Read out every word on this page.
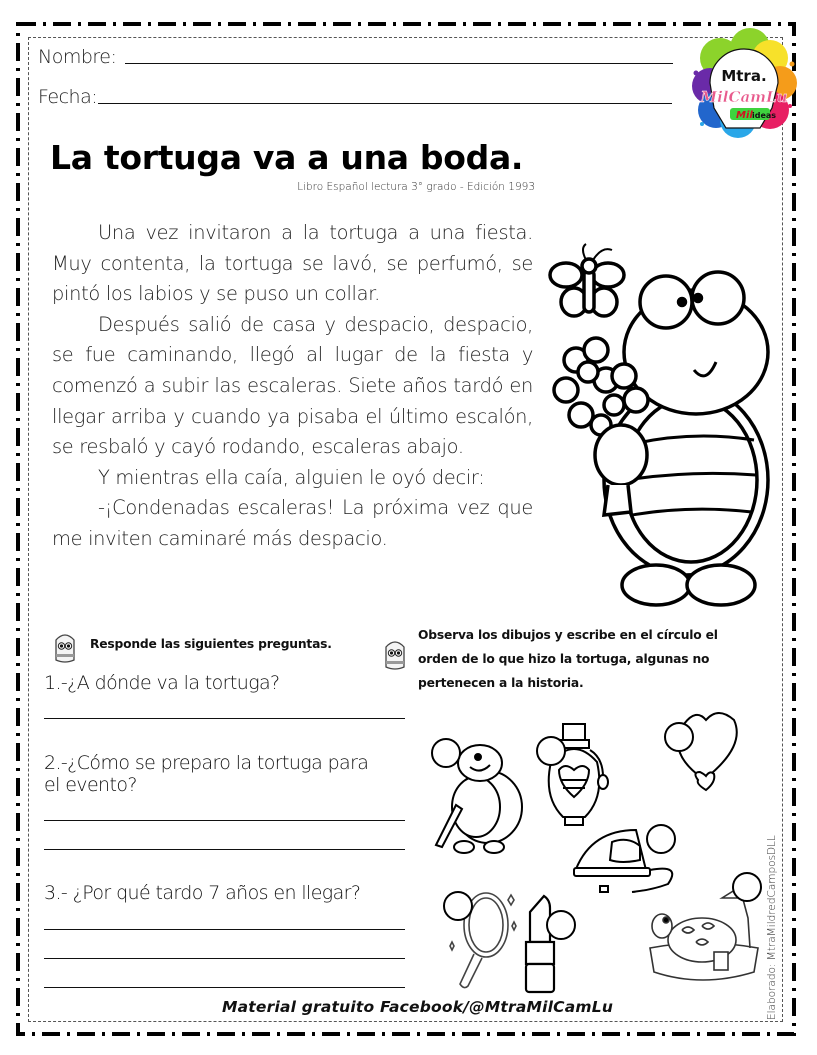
Nombre:
Fecha:
Mtra.
MilCamLu
Mil ideas
La tortuga va a una boda.
Libro Español lectura 3° grado - Edición 1993

Una vez invitaron a la tortuga a una fiesta. Muy contenta, la tortuga se lavó, se perfumó, se pintó los labios y se puso un collar.

Después salió de casa y despacio, despacio, se fue caminando, llegó al lugar de la fiesta y comenzó a subir las escaleras. Siete años tardó en llegar arriba y cuando ya pisaba el último escalón, se resbaló y cayó rodando, escaleras abajo.

Y mientras ella caía, alguien le oyó decir:

-¡Condenadas escaleras! La próxima vez que me inviten caminaré más despacio.

Responde las siguientes preguntas.
1.-¿A dónde va la tortuga?
2.-¿Cómo se preparo la tortuga para el evento?
3.- ¿Por qué tardo 7 años en llegar?
Observa los dibujos y escribe en el círculo el
orden de lo que hizo la tortuga, algunas no
pertenecen a la historia.
Material gratuito Facebook/@MtraMilCamLu	Elaborado: MtraMildredCamposDLL
